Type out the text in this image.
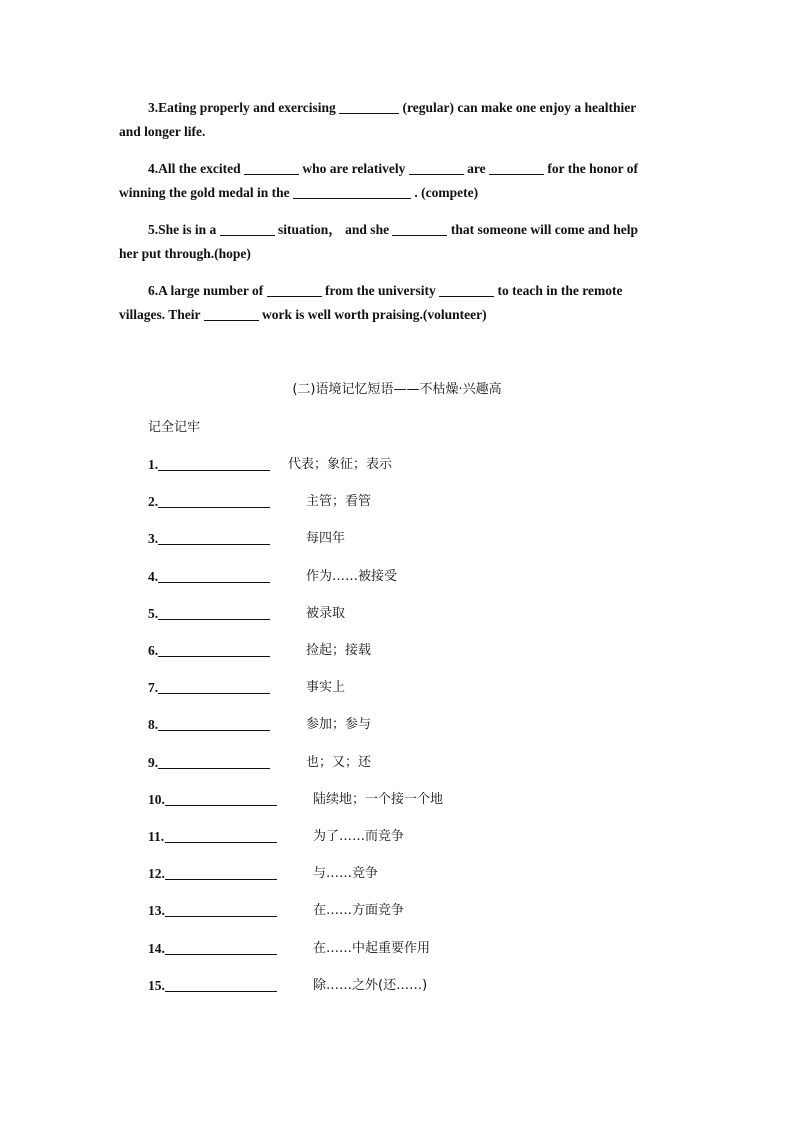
3.Eating properly and exercising	(regular) can make one enjoy a healthier
and longer life.
4.All the excited	who are relatively	are	for the honor of
winning the gold medal in the	. (compete)
5.She is in a	situation， and she	that someone will come and help
her put through.(hope)
6.A large number of	from the university	to teach in the remote
villages. Their	work is well worth praising.(volunteer)
(二)语境记忆短语——不枯燥·兴趣高
记全记牢
1.	代表；象征；表示
2.	主管；看管
3.	每四年
4.	作为……被接受
5.	被录取
6.	捡起；接载
7.	事实上
8.	参加；参与
9.	也；又；还
10.	陆续地；一个接一个地
11.	为了……而竞争
12.	与……竞争
13.	在……方面竞争
14.	在……中起重要作用
15.	除……之外(还……)
